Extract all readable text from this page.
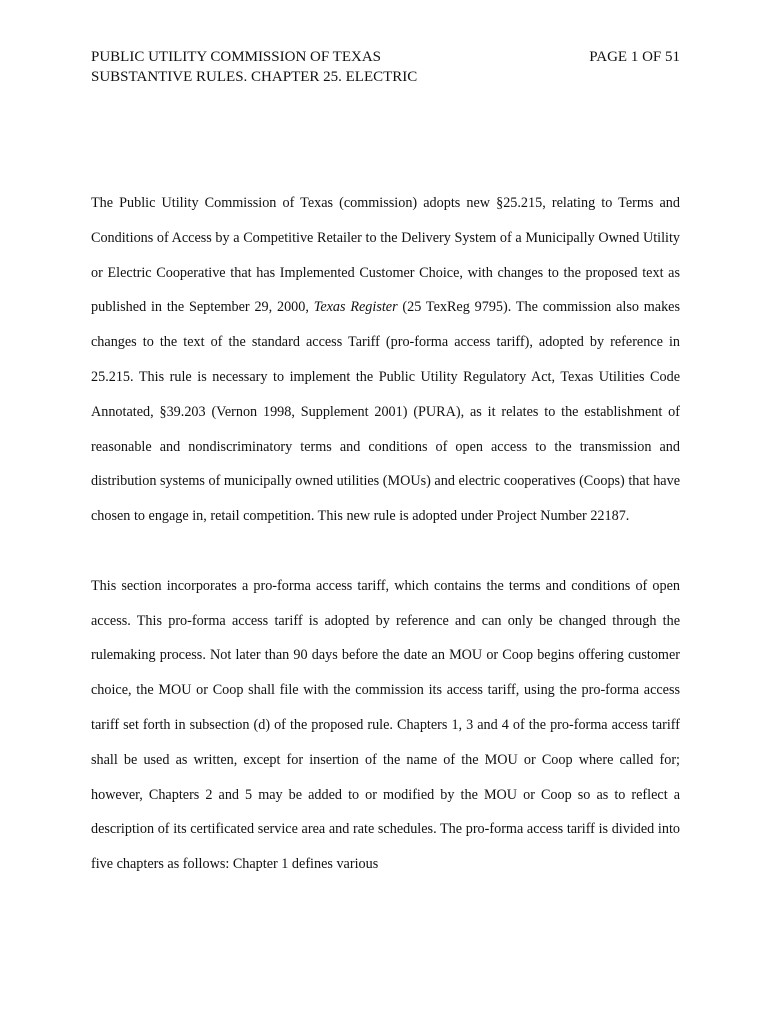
PUBLIC UTILITY COMMISSION OF TEXAS	PAGE 1 OF 51
SUBSTANTIVE RULES. CHAPTER 25. ELECTRIC

The Public Utility Commission of Texas (commission) adopts new §25.215, relating to Terms and Conditions of Access by a Competitive Retailer to the Delivery System of a Municipally Owned Utility or Electric Cooperative that has Implemented Customer Choice, with changes to the proposed text as published in the September 29, 2000, Texas Register (25 TexReg 9795). The commission also makes changes to the text of the standard access Tariff (pro-forma access tariff), adopted by reference in 25.215. This rule is necessary to implement the Public Utility Regulatory Act, Texas Utilities Code Annotated, §39.203 (Vernon 1998, Supplement 2001) (PURA), as it relates to the establishment of reasonable and nondiscriminatory terms and conditions of open access to the transmission and distribution systems of municipally owned utilities (MOUs) and electric cooperatives (Coops) that have chosen to engage in, retail competition. This new rule is adopted under Project Number 22187.

This section incorporates a pro-forma access tariff, which contains the terms and conditions of open access. This pro-forma access tariff is adopted by reference and can only be changed through the rulemaking process. Not later than 90 days before the date an MOU or Coop begins offering customer choice, the MOU or Coop shall file with the commission its access tariff, using the pro-forma access tariff set forth in subsection (d) of the proposed rule. Chapters 1, 3 and 4 of the pro-forma access tariff shall be used as written, except for insertion of the name of the MOU or Coop where called for; however, Chapters 2 and 5 may be added to or modified by the MOU or Coop so as to reflect a description of its certificated service area and rate schedules. The pro-forma access tariff is divided into five chapters as follows: Chapter 1 defines various
